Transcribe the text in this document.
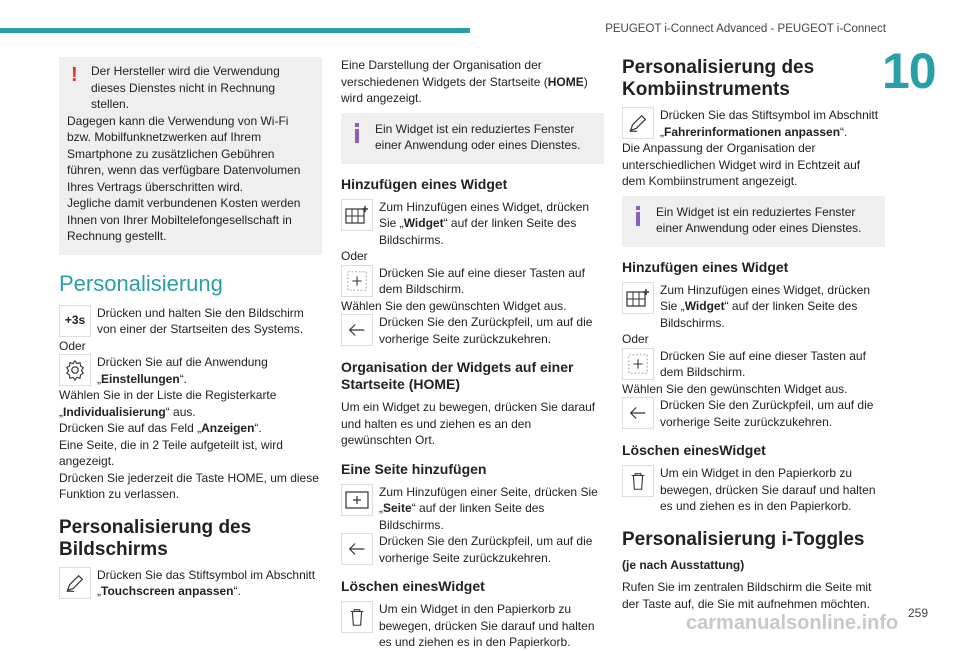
PEUGEOT i-Connect Advanced - PEUGEOT i-Connect
10
!	Der Hersteller wird die Verwendung dieses Dienstes nicht in Rechnung stellen.

Dagegen kann die Verwendung von Wi-Fi bzw. Mobilfunknetzwerken auf Ihrem Smartphone zu zusätzlichen Gebühren führen, wenn das verfügbare Datenvolumen Ihres Vertrags überschritten wird.

Jegliche damit verbundenen Kosten werden Ihnen von Ihrer Mobiltelefongesellschaft in Rechnung gestellt.

Personalisierung
+3s

Drücken und halten Sie den Bildschirm von einer der Startseiten des Systems.

Oder

Drücken Sie auf die Anwendung „Einstellungen“.

Wählen Sie in der Liste die Registerkarte „Individualisierung“ aus.

Drücken Sie auf das Feld „Anzeigen“.

Eine Seite, die in 2 Teile aufgeteilt ist, wird angezeigt.

Drücken Sie jederzeit die Taste HOME, um diese Funktion zu verlassen.

Personalisierung des Bildschirms

Drücken Sie das Stiftsymbol im Abschnitt „Touchscreen anpassen“.

Eine Darstellung der Organisation der verschiedenen Widgets der Startseite (HOME) wird angezeigt.

Ein Widget ist ein reduziertes Fenster einer Anwendung oder eines Dienstes.

Hinzufügen eines Widget

Zum Hinzufügen eines Widget, drücken Sie „Widget“ auf der linken Seite des Bildschirms.

Oder

Drücken Sie auf eine dieser Tasten auf dem Bildschirm.

Wählen Sie den gewünschten Widget aus.

Drücken Sie den Zurückpfeil, um auf die vorherige Seite zurückzukehren.

Organisation der Widgets auf einer Startseite (HOME)

Um ein Widget zu bewegen, drücken Sie darauf und halten es und ziehen es an den gewünschten Ort.

Eine Seite hinzufügen

Zum Hinzufügen einer Seite, drücken Sie „Seite“ auf der linken Seite des Bildschirms.

Drücken Sie den Zurückpfeil, um auf die vorherige Seite zurückzukehren.

Löschen einesWidget

Um ein Widget in den Papierkorb zu bewegen, drücken Sie darauf und halten es und ziehen es in den Papierkorb.

Personalisierung des Kombiinstruments

Drücken Sie das Stiftsymbol im Abschnitt „Fahrerinformationen anpassen“.

Die Anpassung der Organisation der unterschiedlichen Widget wird in Echtzeit auf dem Kombiinstrument angezeigt.

Ein Widget ist ein reduziertes Fenster einer Anwendung oder eines Dienstes.

Hinzufügen eines Widget

Zum Hinzufügen eines Widget, drücken Sie „Widget“ auf der linken Seite des Bildschirms.

Oder

Drücken Sie auf eine dieser Tasten auf dem Bildschirm.

Wählen Sie den gewünschten Widget aus.

Drücken Sie den Zurückpfeil, um auf die vorherige Seite zurückzukehren.

Löschen einesWidget

Um ein Widget in den Papierkorb zu bewegen, drücken Sie darauf und halten es und ziehen es in den Papierkorb.

Personalisierung i-Toggles
(je nach Ausstattung)

Rufen Sie im zentralen Bildschirm die Seite mit der Taste auf, die Sie mit aufnehmen möchten.

259
carmanualsonline.info
